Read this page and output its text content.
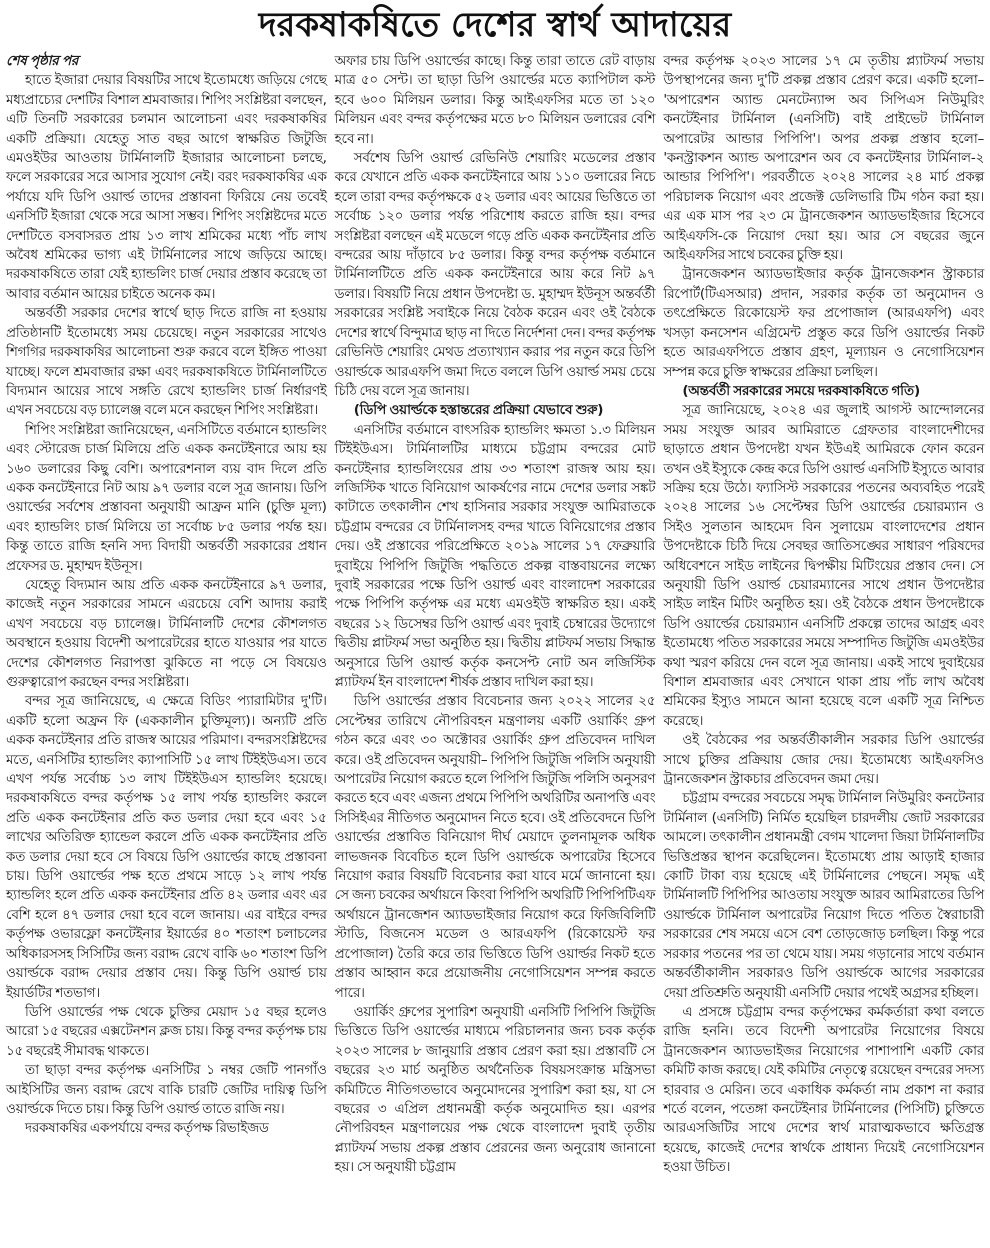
দরকষাকষিতে দেশের স্বার্থ আদায়ের

শেষ পৃষ্ঠার পর

হাতে ইজারা দেয়ার বিষয়টির সাথে ইতোমধ্যে জড়িয়ে গেছে মধ্যপ্রাচ্যের দেশটির বিশাল শ্রমবাজার। শিপিং সংশ্লিষ্টরা বলছেন, এটি তিনটি সরকারের চলমান আলোচনা এবং দরকষাকষির একটি প্রক্রিয়া। যেহেতু সাত বছর আগে স্বাক্ষরিত জিটুজি এমওইউর আওতায় টার্মিনালটি ইজারার আলোচনা চলছে, ফলে সরকারের সরে আসার সুযোগ নেই। বরং দরকষাকষির এক পর্যায়ে যদি ডিপি ওয়ার্ল্ড তাদের প্রস্তাবনা ফিরিয়ে নেয় তবেই এনসিটি ইজারা থেকে সরে আসা সম্ভব। শিপিং সংশ্লিষ্টদের মতে দেশটিতে বসবাসরত প্রায় ১৩ লাখ শ্রমিকের মধ্যে পাঁচ লাখ অবৈধ শ্রমিকের ভাগ্য এই টার্মিনালের সাথে জড়িয়ে আছে। দরকষাকষিতে তারা যেই হ্যান্ডলিং চার্জ দেয়ার প্রস্তাব করেছে তা আবার বর্তমান আয়ের চাইতে অনেক কম।

অন্তর্বর্তী সরকার দেশের স্বার্থে ছাড় দিতে রাজি না হওয়ায় প্রতিষ্ঠানটি ইতোমধ্যে সময় চেয়েছে। নতুন সরকারের সাথেও শিগগির দরকষাকষির আলোচনা শুরু করবে বলে ইঙ্গিত পাওয়া যাচ্ছে। ফলে শ্রমবাজার রক্ষা এবং দরকষাকষিতে টার্মিনালটিতে বিদ্যমান আয়ের সাথে সঙ্গতি রেখে হ্যান্ডলিং চার্জ নির্ধারণই এখন সবচেয়ে বড় চ্যালেঞ্জ বলে মনে করছেন শিপিং সংশ্লিষ্টরা।

শিপিং সংশ্লিষ্টরা জানিয়েছেন, এনসিটিতে বর্তমানে হ্যান্ডলিং এবং স্টোরেজ চার্জ মিলিয়ে প্রতি একক কনটেইনারে আয় হয় ১৬০ ডলারের কিছু বেশি। অপারেশনাল ব্যয় বাদ দিলে প্রতি একক কনটেইনারে নিট আয় ৯৭ ডলার বলে সূত্র জানায়। ডিপি ওয়ার্ল্ডের সর্বশেষ প্রস্তাবনা অনুযায়ী আফ্রন মানি (চুক্তি মূল্য) এবং হ্যান্ডলিং চার্জ মিলিয়ে তা সর্বোচ্চ ৮৫ ডলার পর্যন্ত হয়। কিন্তু তাতে রাজি হননি সদ্য বিদায়ী অন্তর্বর্তী সরকারের প্রধান প্রফেসর ড. মুহাম্মদ ইউনূস।

যেহেতু বিদ্যমান আয় প্রতি একক কনটেইনারে ৯৭ ডলার, কাজেই নতুন সরকারের সামনে এরচেয়ে বেশি আদায় করাই এখণ সবচেয়ে বড় চ্যালেঞ্জ। টার্মিনালটি দেশের কৌশলগত অবস্থানে হওয়ায় বিদেশী অপারেটরের হাতে যাওয়ার পর যাতে দেশের কৌশলগত নিরাপত্তা ঝুকিতে না পড়ে সে বিষয়েও গুরুত্বারোপ করছেন বন্দর সংশ্লিষ্টরা।

বন্দর সূত্র জানিয়েছে, এ ক্ষেত্রে বিডিং প্যারামিটার দু'টি। একটি হলো অফ্রন ফি (এককালীন চুক্তিমূল্য)। অন্যটি প্রতি একক কনটেইনার প্রতি রাজস্ব আয়ের পরিমাণ। বন্দরসংশ্লিষ্টদের মতে, এনসিটির হ্যান্ডলিং ক্যাপাসিটি ১৫ লাখ টিইইউএস। তবে এখণ পর্যন্ত সর্বোচ্চ ১৩ লাখ টিইইউএস হ্যান্ডলিং হয়েছে। দরকষাকষিতে বন্দর কর্তৃপক্ষ ১৫ লাখ পর্যন্ত হ্যান্ডলিং করলে প্রতি একক কনটেইনার প্রতি কত ডলার দেয়া হবে এবং ১৫ লাখের অতিরিক্ত হ্যান্ডেল করলে প্রতি একক কনটেইনার প্রতি কত ডলার দেয়া হবে সে বিষয়ে ডিপি ওয়ার্ল্ডের কাছে প্রস্তাবনা চায়। ডিপি ওয়ার্ল্ডের পক্ষ হতে প্রথমে সাড়ে ১২ লাখ পর্যন্ত হ্যান্ডলিং হলে প্রতি একক কনটেইনার প্রতি ৪২ ডলার এবং এর বেশি হলে ৪৭ ডলার দেয়া হবে বলে জানায়। এর বাইরে বন্দর কর্তৃপক্ষ ওভারফ্লো কনটেইনার ইয়ার্ডের ৪০ শতাংশ চলাচলের অধিকারসসহ সিসিটির জন্য বরাদ্দ রেখে বাকি ৬০ শতাংশ ডিপি ওয়ার্ল্ডকে বরাদ্দ দেয়ার প্রস্তাব দেয়। কিন্তু ডিপি ওয়ার্ল্ড চায় ইয়ার্ডটির শতভাগ।

ডিপি ওয়ার্ল্ডের পক্ষ থেকে চুক্তির মেয়াদ ১৫ বছর হলেও আরো ১৫ বছরের এক্সটেনশন ক্লজ চায়। কিন্তু বন্দর কর্তৃপক্ষ চায় ১৫ বছরেই সীমাবদ্ধ থাকতে।

তা ছাড়া বন্দর কর্তৃপক্ষ এনসিটির ১ নম্বর জেটি পানগাঁও আইসিটির জন্য বরাদ্দ রেখে বাকি চারটি জেটির দায়িত্ব ডিপি ওয়ার্ল্ডকে দিতে চায়। কিন্তু ডিপি ওয়ার্ল্ড তাতে রাজি নয়।

দরকষাকষির একপর্যায়ে বন্দর কর্তৃপক্ষ রিভাইজড

অফার চায় ডিপি ওয়ার্ল্ডের কাছে। কিন্তু তারা তাতে রেট বাড়ায় মাত্র ৫০ সেন্ট। তা ছাড়া ডিপি ওয়ার্ল্ডের মতে ক্যাপিটাল কস্ট হবে ৬০০ মিলিয়ন ডলার। কিন্তু আইএফসির মতে তা ১২০ মিলিয়ন এবং বন্দর কর্তৃপক্ষের মতে ৮০ মিলিয়ন ডলারের বেশি হবে না।

সর্বশেষ ডিপি ওয়ার্ল্ড রেভিনিউ শেয়ারিং মডেলের প্রস্তাব করে যেখানে প্রতি একক কনটেইনারে আয় ১১০ ডলারের নিচে হলে তারা বন্দর কর্তৃপক্ষকে ৫২ ডলার এবং আয়ের ভিত্তিতে তা সর্বোচ্চ ১২০ ডলার পর্যন্ত পরিশোধ করতে রাজি হয়। বন্দর সংশ্লিষ্টরা বলছেন এই মডেলে গড়ে প্রতি একক কনটেইনার প্রতি বন্দরের আয় দাঁড়াবে ৮৫ ডলার। কিন্তু বন্দর কর্তৃপক্ষ বর্তমানে টার্মিনালটিতে প্রতি একক কনটেইনারে আয় করে নিট ৯৭ ডলার। বিষয়টি নিয়ে প্রধান উপদেষ্টা ড. মুহাম্মদ ইউনূস অন্তর্বর্তী সরকারের সংশ্লিষ্ট সবাইকে নিয়ে বৈঠক করেন এবং ওই বৈঠকে দেশের স্বার্থে বিন্দুমাত্র ছাড় না দিতে নির্দেশনা দেন। বন্দর কর্তৃপক্ষ রেভিনিউ শেয়ারিং মেথড প্রত্যাখ্যান করার পর নতুন করে ডিপি ওয়ার্ল্ডকে আরএফপি জমা দিতে বললে ডিপি ওয়ার্ল্ড সময় চেয়ে চিঠি দেয় বলে সূত্র জানায়।

(ডিপি ওয়ার্ল্ডকে হস্তান্তরের প্রক্রিয়া যেভাবে শুরু)

এনসিটির বর্তমানে বাৎসরিক হ্যান্ডলিং ক্ষমতা ১.৩ মিলিয়ন টিইইউএস। টার্মিনালটির মাধ্যমে চট্টগ্রাম বন্দরের মোট কনটেইনার হ্যান্ডলিংয়ের প্রায় ৩৩ শতাংশ রাজস্ব আয় হয়। লজিস্টিক খাতে বিনিয়োগ আকর্ষণের নামে দেশের ডলার সঙ্কট কাটাতে তৎকালীন শেখ হাসিনার সরকার সংযুক্ত আমিরাতকে চট্টগ্রাম বন্দরের বে টার্মিনালসহ বন্দর খাতে বিনিয়োগের প্রস্তাব দেয়। ওই প্রস্তাবের পরিপ্রেক্ষিতে ২০১৯ সালের ১৭ ফেব্রুয়ারি দুবাইয়ে পিপিপি জিটুজি পদ্ধতিতে প্রকল্প বাস্তবায়নের লক্ষ্যে দুবাই সরকারের পক্ষে ডিপি ওয়ার্ল্ড এবং বাংলাদেশ সরকারের পক্ষে পিপিপি কর্তৃপক্ষ এর মধ্যে এমওইউ স্বাক্ষরিত হয়। একই বছরের ১২ ডিসেম্বর ডিপি ওয়ার্ল্ড এবং দুবাই চেম্বারের উদ্যোগে দ্বিতীয় প্লাটফর্ম সভা অনুষ্ঠিত হয়। দ্বিতীয় প্লাটফর্ম সভায় সিদ্ধান্ত অনুসারে ডিপি ওয়ার্ল্ড কর্তৃক কনসেপ্ট নোট অন লজিস্টিক প্ল্যাটফর্ম ইন বাংলাদেশ শীর্ষক প্রস্তাব দাখিল করা হয়।

ডিপি ওয়ার্ল্ডের প্রস্তাব বিবেচনার জন্য ২০২২ সালের ২৫ সেপ্টেম্বর তারিখে নৌপরিবহন মন্ত্রণালয় একটি ওয়ার্কিং গ্রুপ গঠন করে এবং ৩০ অক্টোবর ওয়ার্কিং গ্রুপ প্রতিবেদন দাখিল করে। ওই প্রতিবেদন অনুযায়ী– পিপিপি জিটুজি পলিসি অনুযায়ী অপারেটর নিয়োগ করতে হলে পিপিপি জিটুজি পলিসি অনুসরণ করতে হবে এবং এজন্য প্রথমে পিপিপি অথরিটির অনাপত্তি এবং সিসিইএর নীতিগত অনুমোদন নিতে হবে। ওই প্রতিবেদনে ডিপি ওয়ার্ল্ডের প্রস্তাবিত বিনিয়োগ দীর্ঘ মেয়াদে তুলনামূলক অধিক লাভজনক বিবেচিত হলে ডিপি ওয়ার্ল্ডকে অপারেটর হিসেবে নিয়োগ করার বিষয়টি বিবেচনার করা যাবে মর্মে জানানো হয়। সে জন্য চবকের অর্থায়নে কিংবা পিপিপি অথরিটি পিপিপিটিএফ অর্থায়নে ট্রানজেশন অ্যাডভাইজার নিয়োগ করে ফিজিবিলিটি স্টাডি, বিজনেস মডেল ও আরএফপি (রিকোয়েস্ট ফর প্রপোজাল) তৈরি করে তার ভিত্তিতে ডিপি ওয়ার্ল্ডর নিকট হতে প্রস্তাব আহ্বান করে প্রয়োজনীয় নেগোসিয়েশন সম্পন্ন করতে পারে।

ওয়ার্কিং গ্রুপের সুপারিশ অনুযায়ী এনসিটি পিপিপি জিটুজি ভিত্তিতে ডিপি ওয়ার্ল্ডের মাধ্যমে পরিচালনার জন্য চবক কর্তৃক ২০২৩ সালের ৮ জানুয়ারি প্রস্তাব প্রেরণ করা হয়। প্রস্তাবটি সে বছরের ২৩ মার্চ অনুষ্ঠিত অর্থনৈতিক বিষয়সংক্রান্ত মন্ত্রিসভা কমিটিতে নীতিগতভাবে অনুমোদনের সুপারিশ করা হয়, যা সে বছরের ৩ এপ্রিল প্রধানমন্ত্রী কর্তৃক অনুমোদিত হয়। এরপর নৌপরিবহন মন্ত্রণালয়ের পক্ষ থেকে বাংলাদেশ দুবাই তৃতীয় প্ল্যাটফর্ম সভায় প্রকল্প প্রস্তাব প্রেরনের জন্য অনুরোধ জানানো হয়। সে অনুযায়ী চট্টগ্রাম

বন্দর কর্তৃপক্ষ ২০২৩ সালের ১৭ মে তৃতীয় প্ল্যাটফর্ম সভায় উপস্থাপনের জন্য দু'টি প্রকল্প প্রস্তাব প্রেরণ করে। একটি হলো– 'অপারেশন অ্যান্ড মেনটেন্যান্স অব সিপিএস নিউমুরিং কনটেইনার টার্মিনাল (এনসিটি) বাই প্রাইভেট টার্মিনাল অপারেটর আন্ডার পিপিপি'। অপর প্রকল্প প্রস্তাব হলো– 'কনস্ট্রাকশন অ্যান্ড অপারেশন অব বে কনটেইনার টার্মিনাল-২ আন্ডার পিপিপি'। পরবর্তীতে ২০২৪ সালের ২৪ মার্চ প্রকল্প পরিচালক নিয়োগ এবং প্রজেক্ট ডেলিভারি টিম গঠন করা হয়। এর এক মাস পর ২৩ মে ট্রানজেকশন অ্যাডভাইজার হিসেবে আইএফসি-কে নিয়োগ দেয়া হয়। আর সে বছরের জুনে আইএফসির সাথে চবকের চুক্তি হয়।

ট্রানজেকশন অ্যাডভাইজার কর্তৃক ট্রানজেকশন স্ট্রাকচার রিপোর্ট(টিএসআর) প্রদান, সরকার কর্তৃক তা অনুমোদন ও তৎপ্রেক্ষিতে রিকোয়েস্ট ফর প্রপোজাল (আরএফপি) এবং খসড়া কনসেশন এগ্রিমেন্ট প্রস্তুত করে ডিপি ওয়ার্ল্ডের নিকট হতে আরএফপিতে প্রস্তাব গ্রহণ, মূল্যায়ন ও নেগোসিয়েশন সম্পন্ন করে চুক্তি স্বাক্ষরের প্রক্রিয়া চলছিল।

(অন্তর্বর্তী সরকারের সময়ে দরকষাকষিতে গতি)

সূত্র জানিয়েছে, ২০২৪ এর জুলাই আগস্ট আন্দোলনের সময় সংযুক্ত আরব আমিরাতে গ্রেফতার বাংলাদেশীদের ছাড়াতে প্রধান উপদেষ্টা যখন ইউএই আমিরকে ফোন করেন তখন ওই ইস্যুকে কেন্দ্র করে ডিপি ওয়ার্ল্ড এনসিটি ইস্যুতে আবার সক্রিয় হয়ে উঠে। ফ্যাসিস্ট সরকারের পতনের অব্যবহিত পরেই ২০২৪ সালের ১৬ সেপ্টেম্বর ডিপি ওয়ার্ল্ডের চেয়ারম্যান ও সিইও সুলতান আহমেদ বিন সুলায়েম বাংলাদেশের প্রধান উপদেষ্টাকে চিঠি দিয়ে সেবছর জাতিসঙ্ঘের সাধারণ পরিষদের অধিবেশনে সাইড লাইনের দ্বিপক্ষীয় মিটিংয়ের প্রস্তাব দেন। সে অনুযায়ী ডিপি ওয়ার্ল্ড চেয়ারম্যানের সাথে প্রধান উপদেষ্টার সাইড লাইন মিটিং অনুষ্ঠিত হয়। ওই বৈঠকে প্রধান উপদেষ্টাকে ডিপি ওয়ার্ল্ডের চেয়ারম্যান এনসিটি প্রকল্পে তাদের আগ্রহ এবং ইতোমধ্যে পতিত সরকারের সময়ে সম্পাদিত জিটুজি এমওইউর কথা স্মরণ করিয়ে দেন বলে সূত্র জানায়। একই সাথে দুবাইয়ের বিশাল শ্রমবাজার এবং সেখানে থাকা প্রায় পাঁচ লাখ অবৈধ শ্রমিকের ইস্যুও সামনে আনা হয়েছে বলে একটি সূত্র নিশ্চিত করেছে।

ওই বৈঠকের পর অন্তর্বর্তীকালীন সরকার ডিপি ওয়ার্ল্ডের সাথে চুক্তির প্রক্রিয়ায় জোর দেয়। ইতোমধ্যে আইএফসিও ট্রানজেকশন স্ট্রাকচার প্রতিবেদন জমা দেয়।

চট্টগ্রাম বন্দরের সবচেয়ে সমৃদ্ধ টার্মিনাল নিউমুরিং কনটেনার টার্মিনাল (এনসিটি) নির্মিত হয়েছিল চারদলীয় জোট সরকারের আমলে। তৎকালীন প্রধানমন্ত্রী বেগম খালেদা জিয়া টার্মিনালটির ভিত্তিপ্রস্তর স্থাপন করেছিলেন। ইতোমধ্যে প্রায় আড়াই হাজার কোটি টাকা ব্যয় হয়েছে এই টার্মিনালের পেছনে। সমৃদ্ধ এই টার্মিনালটি পিপিপির আওতায় সংযুক্ত আরব আমিরাতের ডিপি ওয়ার্ল্ডকে টার্মিনাল অপারেটর নিয়োগ দিতে পতিত স্বৈরাচারী সরকারের শেষ সময়ে এসে বেশ তোড়জোড় চলছিল। কিন্তু পরে সরকার পতনের পর তা থেমে যায়। সময় গড়ানোর সাথে বর্তমান অন্তর্বর্তীকালীন সরকারও ডিপি ওয়ার্ল্ডকে আগের সরকারের দেয়া প্রতিশ্রুতি অনুযায়ী এনসিটি দেয়ার পথেই অগ্রসর হচ্ছিল।

এ প্রসঙ্গে চট্টগ্রাম বন্দর কর্তৃপক্ষের কর্মকর্তারা কথা বলতে রাজি হননি। তবে বিদেশী অপারেটর নিয়োগের বিষয়ে ট্রানজেকশন অ্যাডভাইজর নিয়োগের পাশাপাশি একটি কোর কমিটি কাজ করছে। যেই কমিটির নেতৃত্বে রয়েছেন বন্দরের সদস্য হারবার ও মেরিন। তবে একাধিক কর্মকর্তা নাম প্রকাশ না করার শর্তে বলেন, পতেঙ্গা কনটেইনার টার্মিনালের (পিসিটি) চুক্তিতে আরএসজিটির সাথে দেশের স্বার্থ মারাত্মকভাবে ক্ষতিগ্রস্ত হয়েছে, কাজেই দেশের স্বার্থকে প্রাধান্য দিয়েই নেগোসিয়েশন হওয়া উচিত।
